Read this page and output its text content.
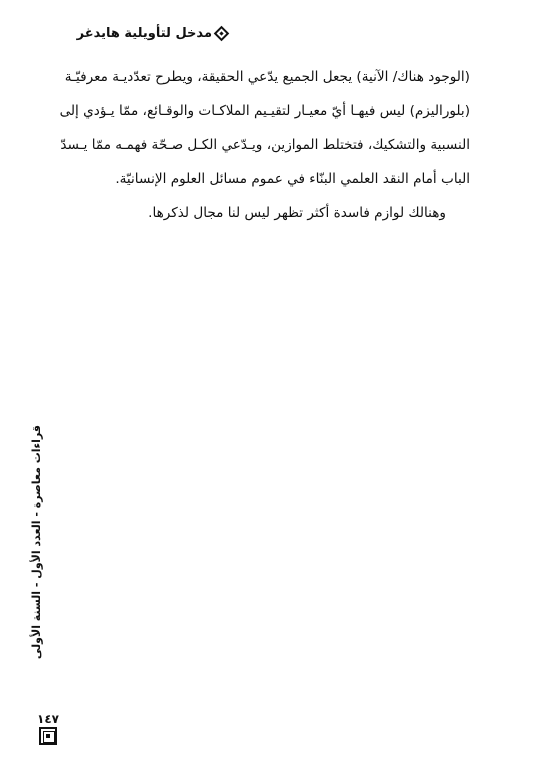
مدخل لتأويلية هايدغر
(الوجود هناك/ الآنية) يجعل الجميع يدّعي الحقيقة، ويطرح تعدّديـة معرفيّـة
(بلوراليزم) ليس فيهـا أيّ معيـار لتقيـيم الملاكـات والوقـائع، ممّا يـؤدي إلى
النسبية والتشكيك، فتختلط الموازين، ويـدّعي الكـل صـحّة فهمـه ممّا يـسدّ
الباب أمام النقد العلمي البنّاء في عموم مسائل العلوم الإنسانيّة.
وهنالك لوازم فاسدة أكثر تظهر ليس لنا مجال لذكرها.
قراءات معاصرة - العدد الأول - السنة الأولى
١٤٧
